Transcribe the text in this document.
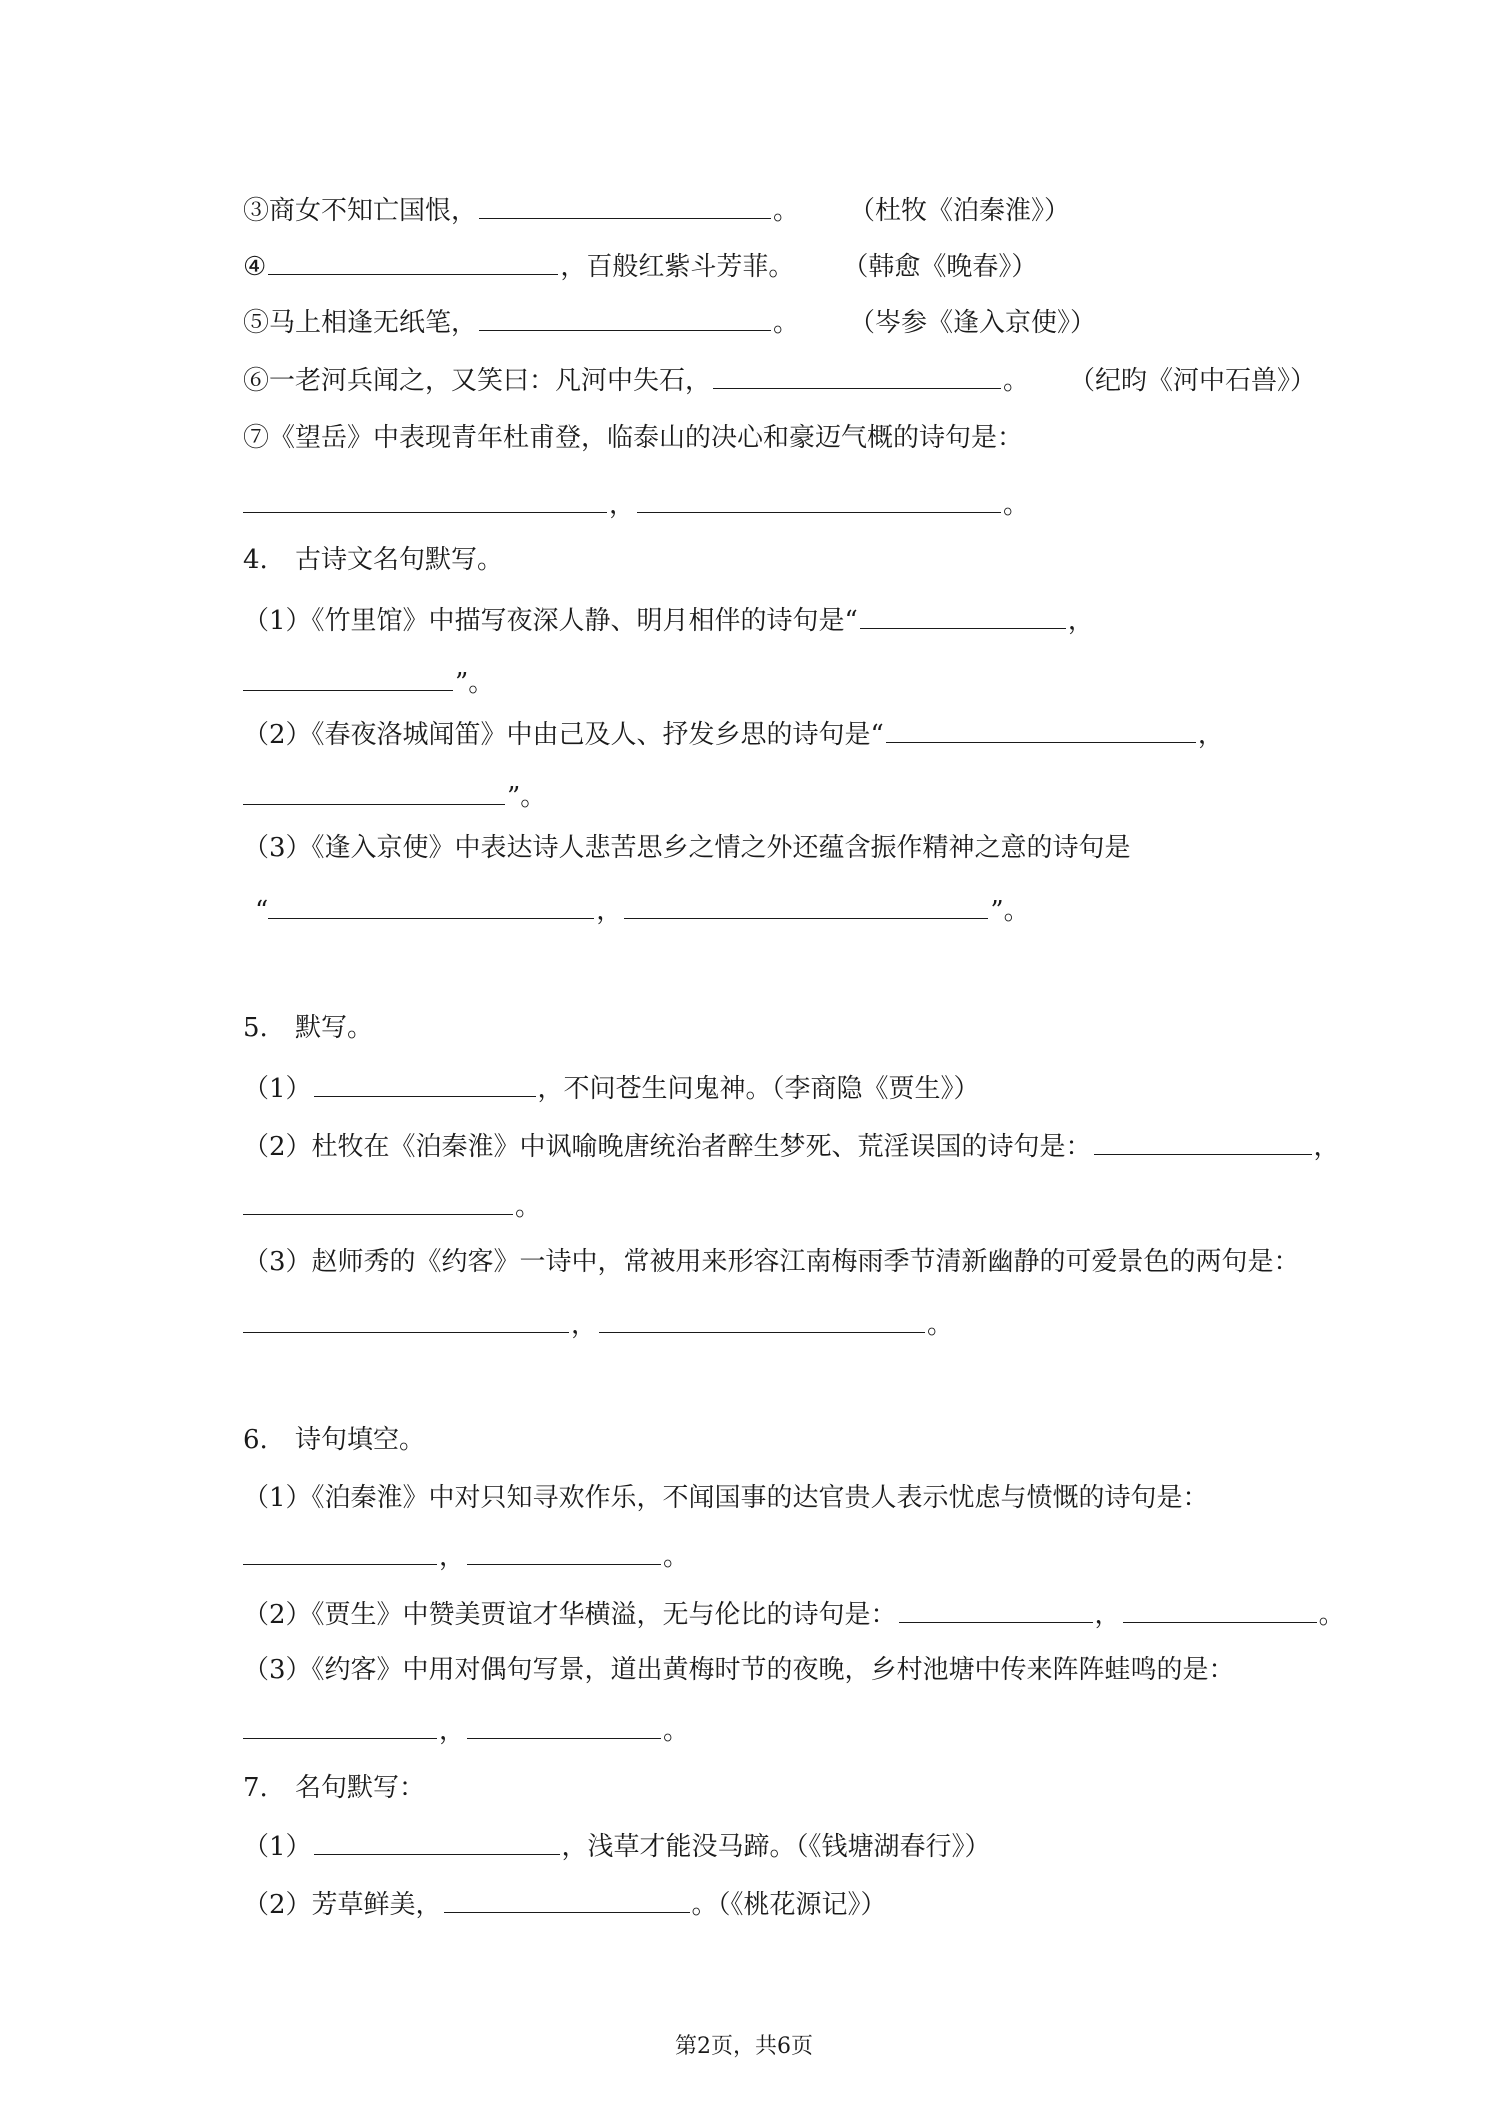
③商女不知亡国恨，	。 （杜牧《泊秦淮》）
④	，百般红紫斗芳菲。 （韩愈《晚春》）
⑤马上相逢无纸笔，	。 （岑参《逢入京使》）
⑥一老河兵闻之，又笑曰：凡河中失石，	。 （纪昀《河中石兽》）
⑦《望岳》中表现青年杜甫登，临泰山的决心和豪迈气概的诗句是：
，	。
4. 古诗文名句默写。
（1）《竹里馆》中描写夜深人静、明月相伴的诗句是“	，
”。
（2）《春夜洛城闻笛》中由己及人、抒发乡思的诗句是“	，
”。
（3）《逢入京使》中表达诗人悲苦思乡之情之外还蕴含振作精神之意的诗句是
“	，	”。
5. 默写。
（1）	，不问苍生问鬼神。（李商隐《贾生》）
（2）杜牧在《泊秦淮》中讽喻晚唐统治者醉生梦死、荒淫误国的诗句是：	，
。
（3）赵师秀的《约客》一诗中，常被用来形容江南梅雨季节清新幽静的可爱景色的两句是：
，	。
6. 诗句填空。
（1）《泊秦淮》中对只知寻欢作乐，不闻国事的达官贵人表示忧虑与愤慨的诗句是：
，	。
（2）《贾生》中赞美贾谊才华横溢，无与伦比的诗句是：	，	。
（3）《约客》中用对偶句写景，道出黄梅时节的夜晚，乡村池塘中传来阵阵蛙鸣的是：
，	。
7. 名句默写：
（1）	，浅草才能没马蹄。（《钱塘湖春行》）
（2）芳草鲜美，	。（《桃花源记》）
第2页，共6页
